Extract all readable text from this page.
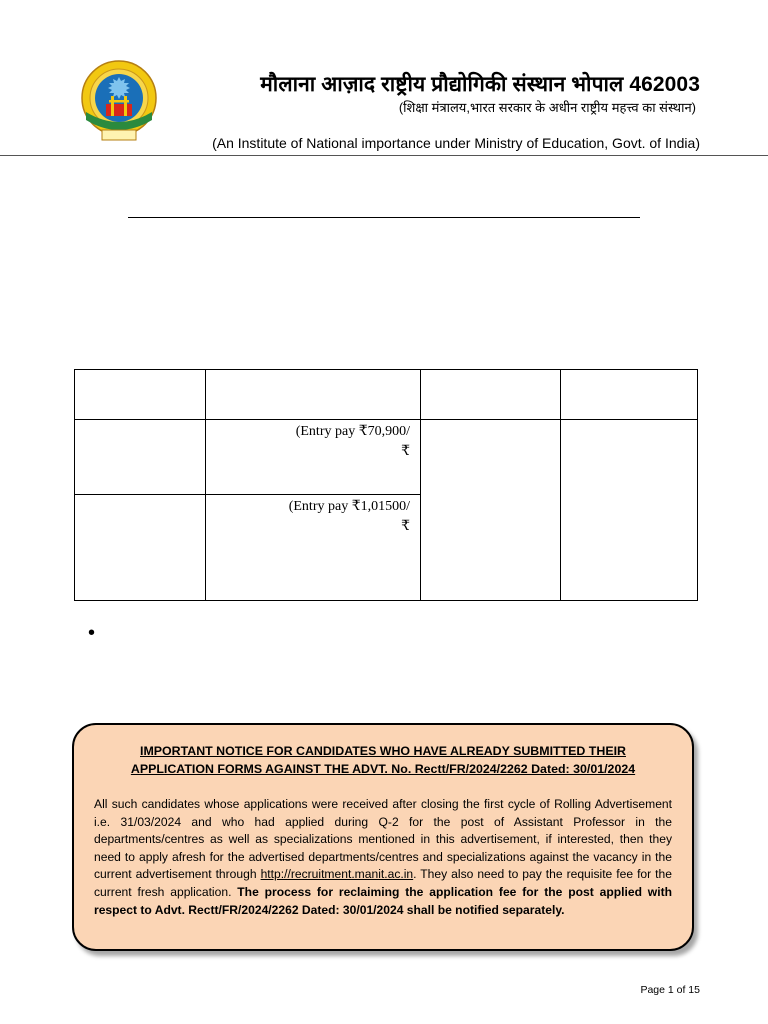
मौलाना आज़ाद राष्ट्रीय प्रौद्योगिकी संस्थान भोपाल 462003
(शिक्षा मंत्रालय,भारत सरकार के अधीन राष्ट्रीय महत्त्व का संस्थान)
(An Institute of National importance under Ministry of Education, Govt. of India)

	(Entry pay ₹70,900/
₹		

	(Entry pay ₹1,01500/
₹		
•
IMPORTANT NOTICE FOR CANDIDATES WHO HAVE ALREADY SUBMITTED THEIR
APPLICATION FORMS AGAINST THE ADVT. No. Rectt/FR/2024/2262 Dated: 30/01/2024
All such candidates whose applications were received after closing the first cycle of Rolling Advertisement i.e. 31/03/2024 and who had applied during Q-2 for the post of Assistant Professor in the departments/centres as well as specializations mentioned in this advertisement, if interested, then they need to apply afresh for the advertised departments/centres and specializations against the vacancy in the current advertisement through http://recruitment.manit.ac.in. They also need to pay the requisite fee for the current fresh application. The process for reclaiming the application fee for the post applied with respect to Advt. Rectt/FR/2024/2262 Dated: 30/01/2024 shall be notified separately.
Page 1 of 15
